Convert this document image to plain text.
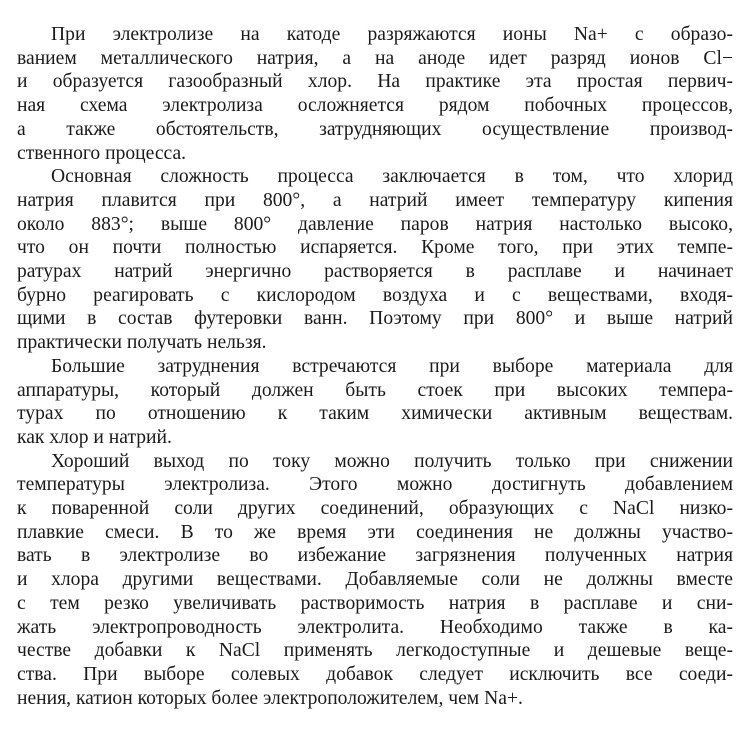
При электролизе на катоде разряжаются ионы Na+ с образо-
ванием металлического натрия, а на аноде идет разряд ионов Cl−
и образуется газообразный хлор. На практике эта простая первич-
ная схема электролиза осложняется рядом побочных процессов,
а также обстоятельств, затрудняющих осуществление производ-
ственного процесса.
Основная сложность процесса заключается в том, что хлорид
натрия плавится при 800°, а натрий имеет температуру кипения
около 883°; выше 800° давление паров натрия настолько высоко,
что он почти полностью испаряется. Кроме того, при этих темпе-
ратурах натрий энергично растворяется в расплаве и начинает
бурно реагировать с кислородом воздуха и с веществами, входя-
щими в состав футеровки ванн. Поэтому при 800° и выше натрий
практически получать нельзя.
Большие затруднения встречаются при выборе материала для
аппаратуры, который должен быть стоек при высоких темпера-
турах по отношению к таким химически активным веществам.
как хлор и натрий.
Хороший выход по току можно получить только при снижении
температуры электролиза. Этого можно достигнуть добавлением
к поваренной соли других соединений, образующих с NaCl низко-
плавкие смеси. В то же время эти соединения не должны участво-
вать в электролизе во избежание загрязнения полученных натрия
и хлора другими веществами. Добавляемые соли не должны вместе
с тем резко увеличивать растворимость натрия в расплаве и сни-
жать электропроводность электролита. Необходимо также в ка-
честве добавки к NaCl применять легкодоступные и дешевые веще-
ства. При выборе солевых добавок следует исключить все соеди-
нения, катион которых более электроположителем, чем Na+.
